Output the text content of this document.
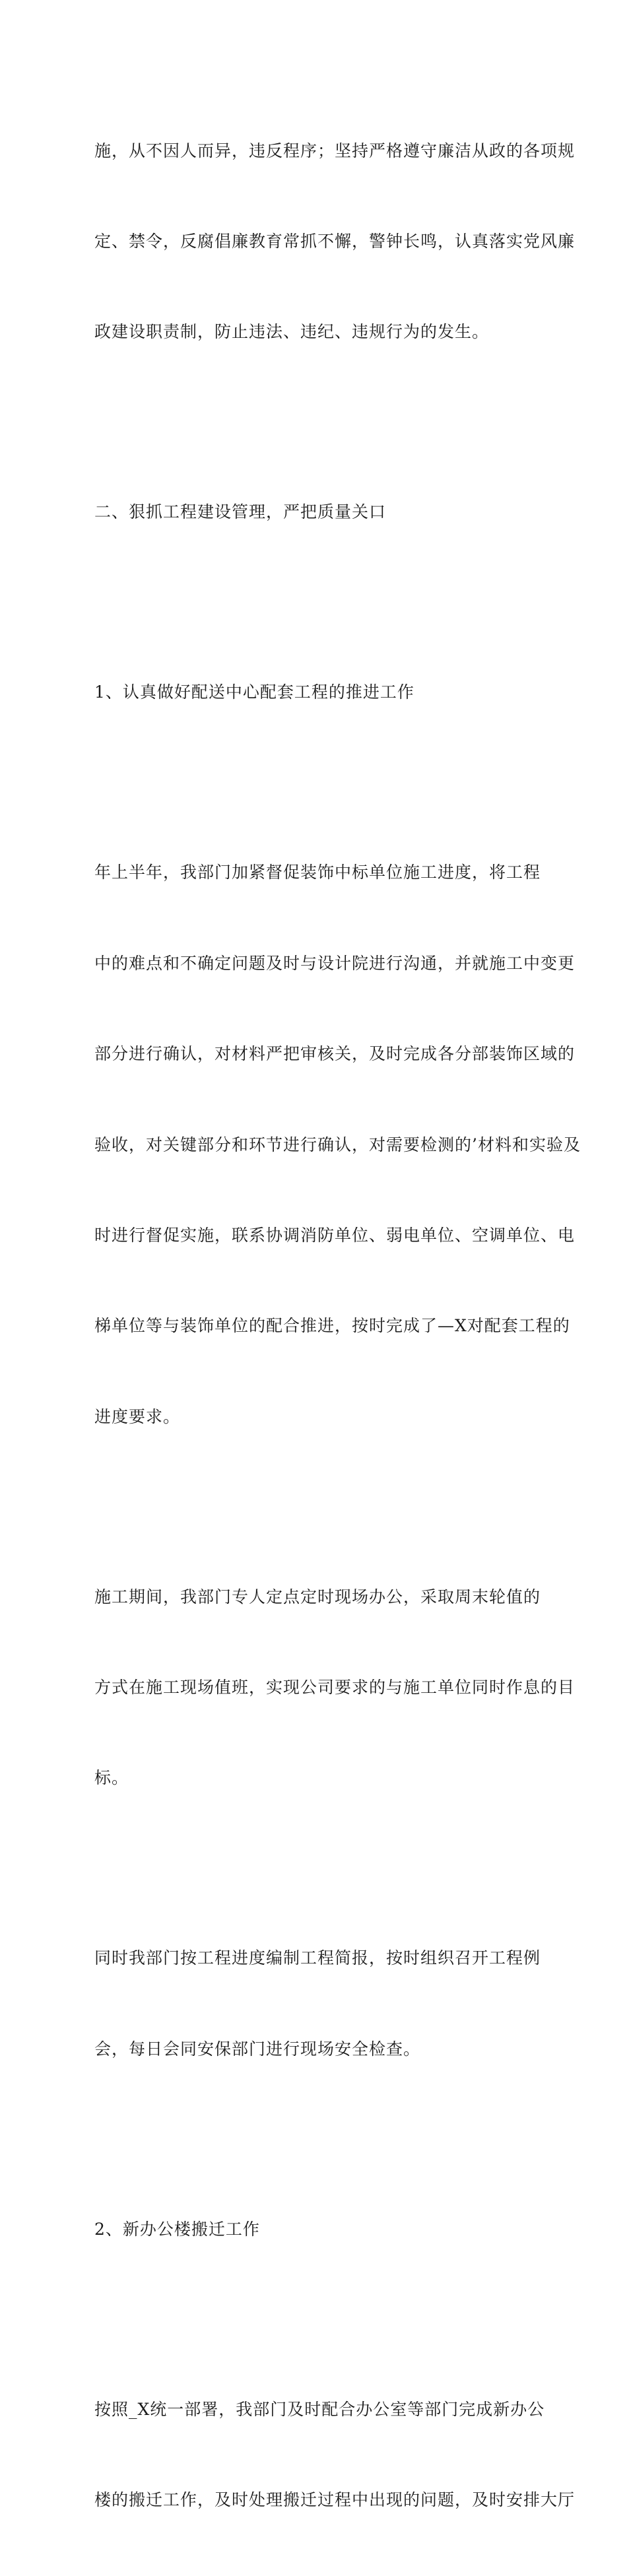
施，从不因人而异，违反程序；坚持严格遵守廉洁从政的各项规

定、禁令，反腐倡廉教育常抓不懈，警钟长鸣，认真落实党风廉

政建设职责制，防止违法、违纪、违规行为的发生。

二、狠抓工程建设管理，严把质量关口

1、认真做好配送中心配套工程的推进工作

年上半年，我部门加紧督促装饰中标单位施工进度，将工程

中的难点和不确定问题及时与设计院进行沟通，并就施工中变更

部分进行确认，对材料严把审核关，及时完成各分部装饰区域的

验收，对关键部分和环节进行确认，对需要检测的’材料和实验及

时进行督促实施，联系协调消防单位、弱电单位、空调单位、电

梯单位等与装饰单位的配合推进，按时完成了—X对配套工程的

进度要求。

施工期间，我部门专人定点定时现场办公，采取周末轮值的

方式在施工现场值班，实现公司要求的与施工单位同时作息的目

标。

同时我部门按工程进度编制工程简报，按时组织召开工程例

会，每日会同安保部门进行现场安全检查。

2、新办公楼搬迁工作

按照_X统一部署，我部门及时配合办公室等部门完成新办公

楼的搬迁工作，及时处理搬迁过程中出现的问题，及时安排大厅
